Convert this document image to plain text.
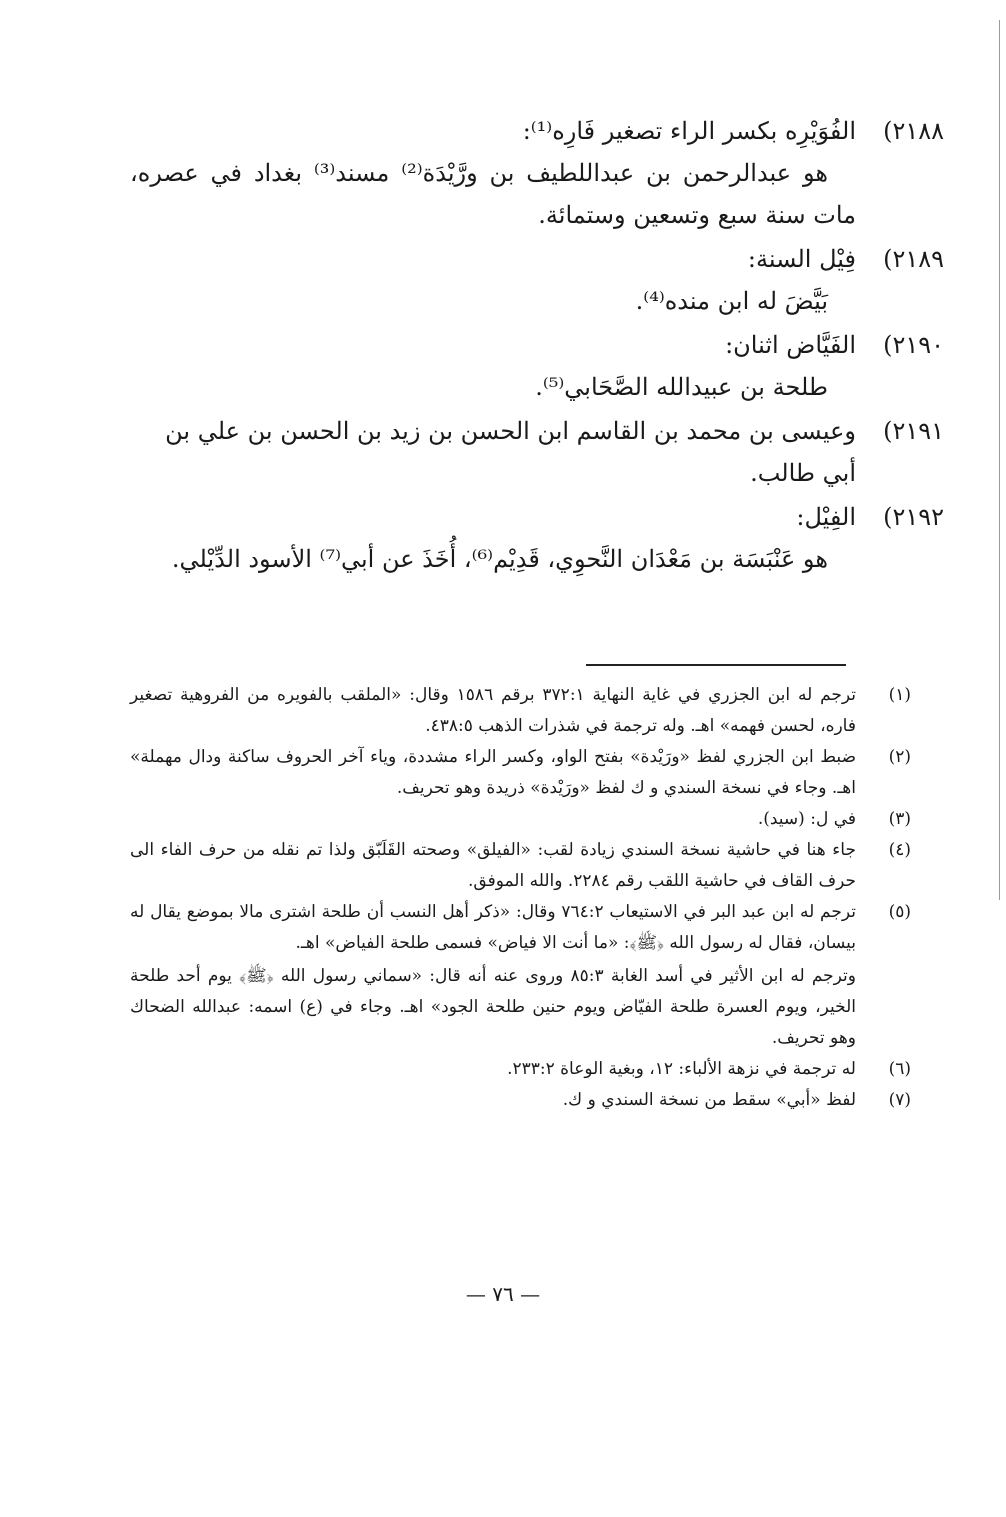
٢١٨٨)
الفُوَيْرِه بكسر الراء تصغير فَارِه⁽¹⁾:
هو عبدالرحمن بن عبداللطيف بن ورَّيْدَة⁽²⁾ مسند⁽³⁾ بغداد في عصره، مات سنة سبع وتسعين وستمائة.
٢١٨٩)
فِيْل السنة:
بَيَّضَ له ابن منده⁽⁴⁾.
٢١٩٠)
الفَيَّاض اثنان:
طلحة بن عبيدالله الصَّحَابي⁽⁵⁾.
٢١٩١)
وعيسى بن محمد بن القاسم ابن الحسن بن زيد بن الحسن بن علي بن أبي طالب.
٢١٩٢)
الفِيْل:
هو عَنْبَسَة بن مَعْدَان النَّحوِي، قَدِيْم⁽⁶⁾، أُخَذَ عن أبي⁽⁷⁾ الأسود الدِّيْلي.
(١)
ترجم له ابن الجزري في غاية النهاية ٣٧٢:١ برقم ١٥٨٦ وقال: «الملقب بالفويره من الفروهية تصغير فاره، لحسن فهمه» اهـ. وله ترجمة في شذرات الذهب ٤٣٨:٥.
(٢)
ضبط ابن الجزري لفظ «ورَيْدة» بفتح الواو، وكسر الراء مشددة، وياء آخر الحروف ساكنة ودال مهملة» اهـ. وجاء في نسخة السندي و ك لفظ «ورَيْدة» ذريدة وهو تحريف.
(٣)
في ل: (سيد).
(٤)
جاء هنا في حاشية نسخة السندي زيادة لقب: «الفيلق» وصحته القَلَبّق ولذا تم نقله من حرف الفاء الى حرف القاف في حاشية اللقب رقم ٢٢٨٤. والله الموفق.
(٥)
ترجم له ابن عبد البر في الاستيعاب ٧٦٤:٢ وقال: «ذكر أهل النسب أن طلحة اشترى مالا بموضع يقال له بيسان، فقال له رسول الله ﴿ﷺ﴾: «ما أنت الا فياض» فسمى طلحة الفياض» اهـ.
وترجم له ابن الأثير في أسد الغابة ٨٥:٣ وروى عنه أنه قال: «سماني رسول الله ﴿ﷺ﴾ يوم أحد طلحة الخير، ويوم العسرة طلحة الفيّاض ويوم حنين طلحة الجود» اهـ. وجاء في (ع) اسمه: عبدالله الضحاك وهو تحريف.
(٦)
له ترجمة في نزهة الألباء: ١٢، وبغية الوعاة ٢٣٣:٢.
(٧)
لفظ «أبي» سقط من نسخة السندي و ك.
— ٧٦ —
